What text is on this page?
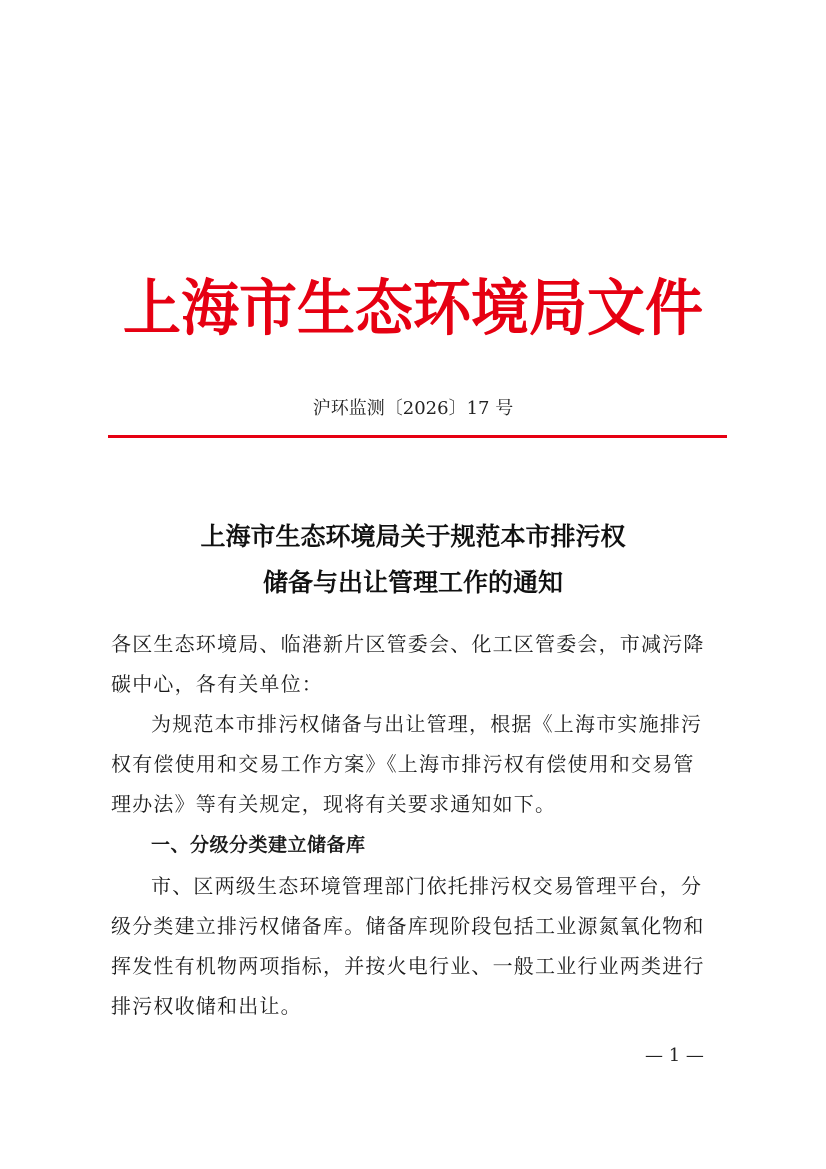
上海市生态环境局文件
沪环监测〔2026〕17 号
上海市生态环境局关于规范本市排污权
储备与出让管理工作的通知
各区生态环境局、临港新片区管委会、化工区管委会，市减污降
碳中心，各有关单位：
为规范本市排污权储备与出让管理，根据《上海市实施排污
权有偿使用和交易工作方案》《上海市排污权有偿使用和交易管
理办法》等有关规定，现将有关要求通知如下。
一、分级分类建立储备库
市、区两级生态环境管理部门依托排污权交易管理平台，分
级分类建立排污权储备库。储备库现阶段包括工业源氮氧化物和
挥发性有机物两项指标，并按火电行业、一般工业行业两类进行
排污权收储和出让。
— 1 —
